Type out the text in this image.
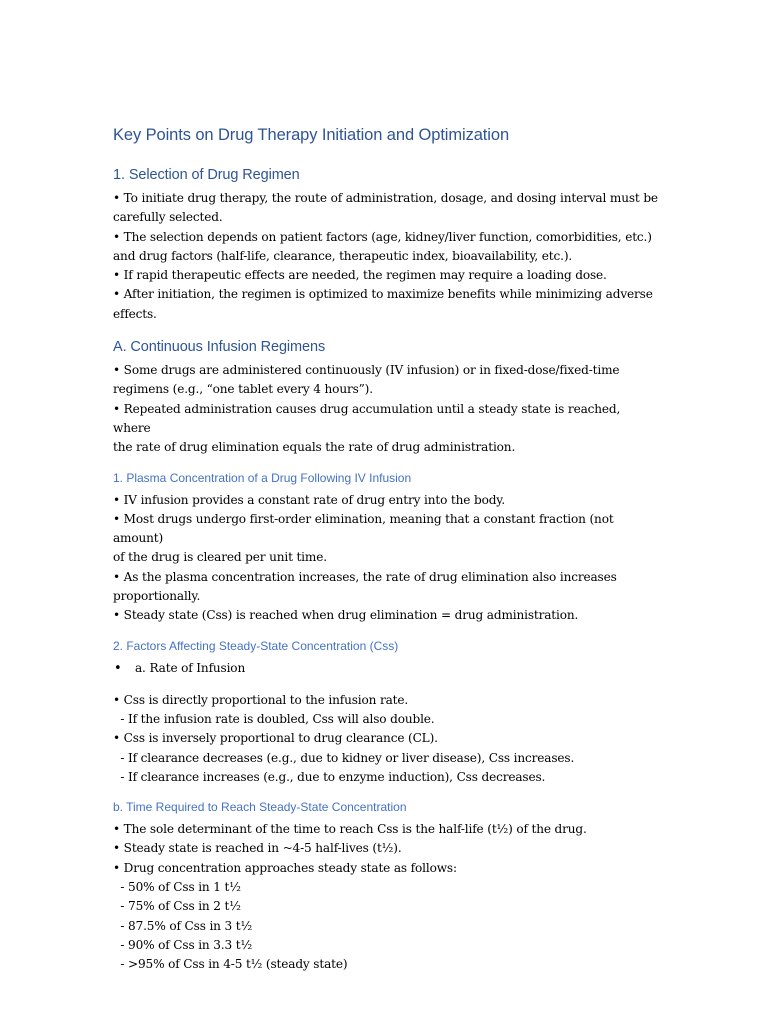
Key Points on Drug Therapy Initiation and Optimization
1. Selection of Drug Regimen
• To initiate drug therapy, the route of administration, dosage, and dosing interval must be
carefully selected.
• The selection depends on patient factors (age, kidney/liver function, comorbidities, etc.)
and drug factors (half-life, clearance, therapeutic index, bioavailability, etc.).
• If rapid therapeutic effects are needed, the regimen may require a loading dose.
• After initiation, the regimen is optimized to maximize benefits while minimizing adverse
effects.
A. Continuous Infusion Regimens
• Some drugs are administered continuously (IV infusion) or in fixed-dose/fixed-time
regimens (e.g., “one tablet every 4 hours”).
• Repeated administration causes drug accumulation until a steady state is reached, where
the rate of drug elimination equals the rate of drug administration.
1. Plasma Concentration of a Drug Following IV Infusion
• IV infusion provides a constant rate of drug entry into the body.
• Most drugs undergo first-order elimination, meaning that a constant fraction (not amount)
of the drug is cleared per unit time.
• As the plasma concentration increases, the rate of drug elimination also increases
proportionally.
• Steady state (Css) is reached when drug elimination = drug administration.
2. Factors Affecting Steady-State Concentration (Css)
• a. Rate of Infusion
• Css is directly proportional to the infusion rate.
- If the infusion rate is doubled, Css will also double.
• Css is inversely proportional to drug clearance (CL).
- If clearance decreases (e.g., due to kidney or liver disease), Css increases.
- If clearance increases (e.g., due to enzyme induction), Css decreases.
b. Time Required to Reach Steady-State Concentration
• The sole determinant of the time to reach Css is the half-life (t½) of the drug.
• Steady state is reached in ~4-5 half-lives (t½).
• Drug concentration approaches steady state as follows:
- 50% of Css in 1 t½
- 75% of Css in 2 t½
- 87.5% of Css in 3 t½
- 90% of Css in 3.3 t½
- >95% of Css in 4-5 t½ (steady state)
